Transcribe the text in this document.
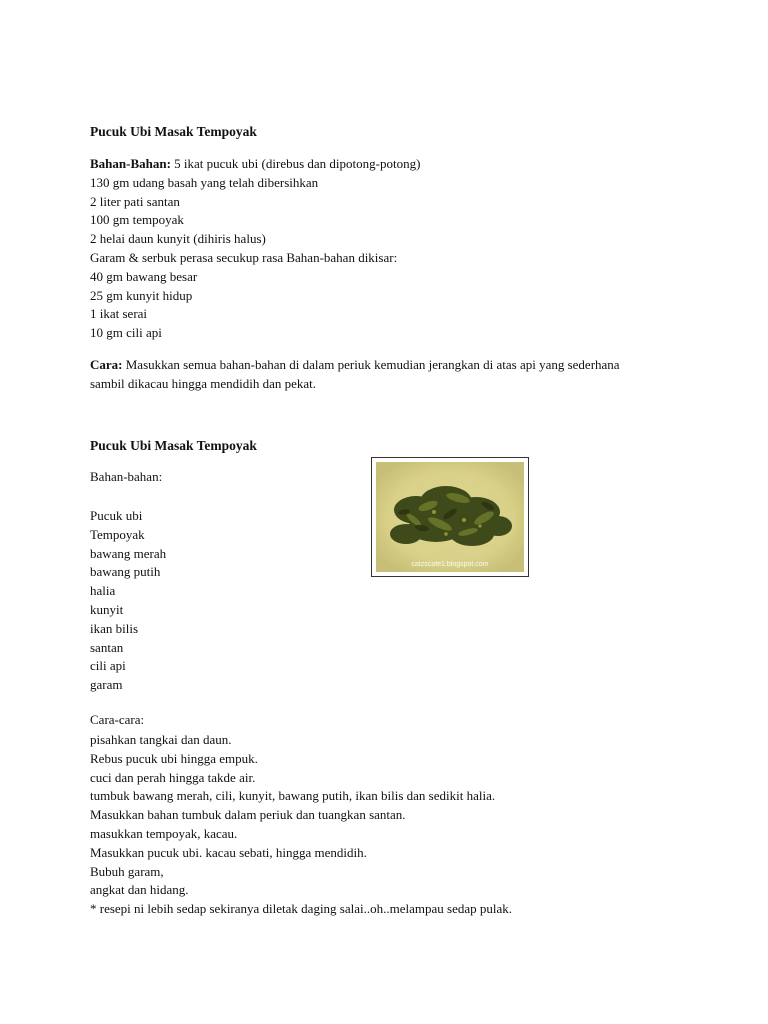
Pucuk Ubi Masak Tempoyak
Bahan-Bahan: 5 ikat pucuk ubi (direbus dan dipotong-potong)
130 gm udang basah yang telah dibersihkan
2 liter pati santan
100 gm tempoyak
2 helai daun kunyit (dihiris halus)
Garam & serbuk perasa secukup rasa Bahan-bahan dikisar:
40 gm bawang besar
25 gm kunyit hidup
1 ikat serai
10 gm cili api
Cara: Masukkan semua bahan-bahan di dalam periuk kemudian jerangkan di atas api yang sederhana
sambil dikacau hingga mendidih dan pekat.
Pucuk Ubi Masak Tempoyak
Bahan-bahan:
Pucuk ubi
Tempoyak
bawang merah
bawang putih
halia
kunyit
ikan bilis
santan
cili api
garam
Cara-cara:
pisahkan tangkai dan daun.
Rebus pucuk ubi hingga empuk.
cuci dan perah hingga takde air.
tumbuk bawang merah, cili, kunyit, bawang putih, ikan bilis dan sedikit halia.
Masukkan bahan tumbuk dalam periuk dan tuangkan santan.
masukkan tempoyak, kacau.
Masukkan pucuk ubi. kacau sebati, hingga mendidih.
Bubuh garam,
angkat dan hidang.
* resepi ni lebih sedap sekiranya diletak daging salai..oh..melampau sedap pulak.
catzscafe1.blogspot.com
